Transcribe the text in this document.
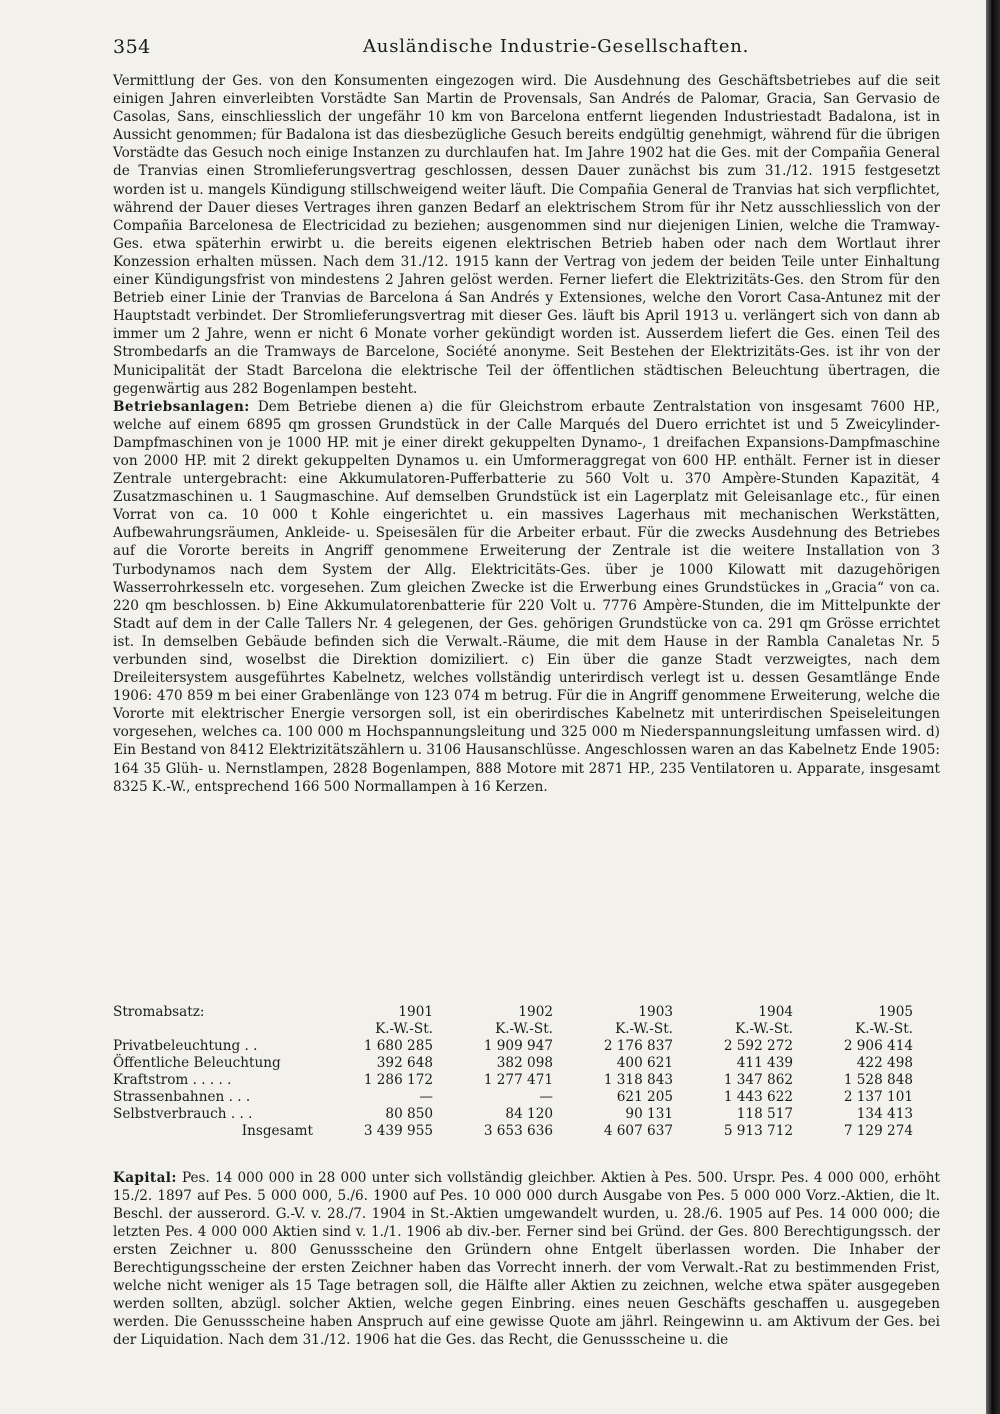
354	Ausländische Industrie-Gesellschaften.

Vermittlung der Ges. von den Konsumenten eingezogen wird. Die Ausdehnung des Geschäftsbetriebes auf die seit einigen Jahren einverleibten Vorstädte San Martin de Provensals, San Andrés de Palomar, Gracia, San Gervasio de Casolas, Sans, einschliesslich der ungefähr 10 km von Barcelona entfernt liegenden Industriestadt Badalona, ist in Aussicht genommen; für Badalona ist das diesbezügliche Gesuch bereits endgültig genehmigt, während für die übrigen Vorstädte das Gesuch noch einige Instanzen zu durchlaufen hat. Im Jahre 1902 hat die Ges. mit der Compañia General de Tranvias einen Stromlieferungsvertrag geschlossen, dessen Dauer zunächst bis zum 31./12. 1915 festgesetzt worden ist u. mangels Kündigung stillschweigend weiter läuft. Die Compañia General de Tranvias hat sich verpflichtet, während der Dauer dieses Vertrages ihren ganzen Bedarf an elektrischem Strom für ihr Netz ausschliesslich von der Compañia Barcelonesa de Electricidad zu beziehen; ausgenommen sind nur diejenigen Linien, welche die Tramway-Ges. etwa späterhin erwirbt u. die bereits eigenen elektrischen Betrieb haben oder nach dem Wortlaut ihrer Konzession erhalten müssen. Nach dem 31./12. 1915 kann der Vertrag von jedem der beiden Teile unter Einhaltung einer Kündigungsfrist von mindestens 2 Jahren gelöst werden. Ferner liefert die Elektrizitäts-Ges. den Strom für den Betrieb einer Linie der Tranvias de Barcelona á San Andrés y Extensiones, welche den Vorort Casa-Antunez mit der Hauptstadt verbindet. Der Stromlieferungsvertrag mit dieser Ges. läuft bis April 1913 u. verlängert sich von dann ab immer um 2 Jahre, wenn er nicht 6 Monate vorher gekündigt worden ist. Ausserdem liefert die Ges. einen Teil des Strombedarfs an die Tramways de Barcelone, Société anonyme. Seit Bestehen der Elektrizitäts-Ges. ist ihr von der Municipalität der Stadt Barcelona die elektrische Teil der öffentlichen städtischen Beleuchtung übertragen, die gegenwärtig aus 282 Bogenlampen besteht.

Betriebsanlagen: Dem Betriebe dienen a) die für Gleichstrom erbaute Zentralstation von insgesamt 7600 HP., welche auf einem 6895 qm grossen Grundstück in der Calle Marqués del Duero errichtet ist und 5 Zweicylinder-Dampfmaschinen von je 1000 HP. mit je einer direkt gekuppelten Dynamo-, 1 dreifachen Expansions-Dampfmaschine von 2000 HP. mit 2 direkt gekuppelten Dynamos u. ein Umformeraggregat von 600 HP. enthält. Ferner ist in dieser Zentrale untergebracht: eine Akkumulatoren-Pufferbatterie zu 560 Volt u. 370 Ampère-Stunden Kapazität, 4 Zusatzmaschinen u. 1 Saugmaschine. Auf demselben Grundstück ist ein Lagerplatz mit Geleisanlage etc., für einen Vorrat von ca. 10 000 t Kohle eingerichtet u. ein massives Lagerhaus mit mechanischen Werkstätten, Aufbewahrungsräumen, Ankleide- u. Speisesälen für die Arbeiter erbaut. Für die zwecks Ausdehnung des Betriebes auf die Vororte bereits in Angriff genommene Erweiterung der Zentrale ist die weitere Installation von 3 Turbodynamos nach dem System der Allg. Elektricitäts-Ges. über je 1000 Kilowatt mit dazugehörigen Wasserrohrkesseln etc. vorgesehen. Zum gleichen Zwecke ist die Erwerbung eines Grundstückes in „Gracia“ von ca. 220 qm beschlossen. b) Eine Akkumulatorenbatterie für 220 Volt u. 7776 Ampère-Stunden, die im Mittelpunkte der Stadt auf dem in der Calle Tallers Nr. 4 gelegenen, der Ges. gehörigen Grundstücke von ca. 291 qm Grösse errichtet ist. In demselben Gebäude befinden sich die Verwalt.-Räume, die mit dem Hause in der Rambla Canaletas Nr. 5 verbunden sind, woselbst die Direktion domiziliert. c) Ein über die ganze Stadt verzweigtes, nach dem Dreileitersystem ausgeführtes Kabelnetz, welches vollständig unterirdisch verlegt ist u. dessen Gesamtlänge Ende 1906: 470 859 m bei einer Grabenlänge von 123 074 m betrug. Für die in Angriff genommene Erweiterung, welche die Vororte mit elektrischer Energie versorgen soll, ist ein oberirdisches Kabelnetz mit unterirdischen Speiseleitungen vorgesehen, welches ca. 100 000 m Hochspannungsleitung und 325 000 m Niederspannungsleitung umfassen wird. d) Ein Bestand von 8412 Elektrizitätszählern u. 3106 Hausanschlüsse. Angeschlossen waren an das Kabelnetz Ende 1905: 164 35 Glüh- u. Nernstlampen, 2828 Bogenlampen, 888 Motore mit 2871 HP., 235 Ventilatoren u. Apparate, insgesamt 8325 K.-W., entsprechend 166 500 Normallampen à 16 Kerzen.

Stromabsatz:	1901	1902	1903	1904	1905
	K.-W.-St.	K.-W.-St.	K.-W.-St.	K.-W.-St.	K.-W.-St.
Privatbeleuchtung . .	1 680 285	1 909 947	2 176 837	2 592 272	2 906 414
Öffentliche Beleuchtung	392 648	382 098	400 621	411 439	422 498
Kraftstrom . . . . .	1 286 172	1 277 471	1 318 843	1 347 862	1 528 848
Strassenbahnen . . .	—	—	621 205	1 443 622	2 137 101
Selbstverbrauch . . .	80 850	84 120	90 131	118 517	134 413
Insgesamt	3 439 955	3 653 636	4 607 637	5 913 712	7 129 274

Kapital: Pes. 14 000 000 in 28 000 unter sich vollständig gleichber. Aktien à Pes. 500. Urspr. Pes. 4 000 000, erhöht 15./2. 1897 auf Pes. 5 000 000, 5./6. 1900 auf Pes. 10 000 000 durch Ausgabe von Pes. 5 000 000 Vorz.-Aktien, die lt. Beschl. der ausserord. G.-V. v. 28./7. 1904 in St.-Aktien umgewandelt wurden, u. 28./6. 1905 auf Pes. 14 000 000; die letzten Pes. 4 000 000 Aktien sind v. 1./1. 1906 ab div.-ber. Ferner sind bei Gründ. der Ges. 800 Berechtigungssch. der ersten Zeichner u. 800 Genussscheine den Gründern ohne Entgelt überlassen worden. Die Inhaber der Berechtigungsscheine der ersten Zeichner haben das Vorrecht innerh. der vom Verwalt.-Rat zu bestimmenden Frist, welche nicht weniger als 15 Tage betragen soll, die Hälfte aller Aktien zu zeichnen, welche etwa später ausgegeben werden sollten, abzügl. solcher Aktien, welche gegen Einbring. eines neuen Geschäfts geschaffen u. ausgegeben werden. Die Genussscheine haben Anspruch auf eine gewisse Quote am jährl. Reingewinn u. am Aktivum der Ges. bei der Liquidation. Nach dem 31./12. 1906 hat die Ges. das Recht, die Genussscheine u. die
